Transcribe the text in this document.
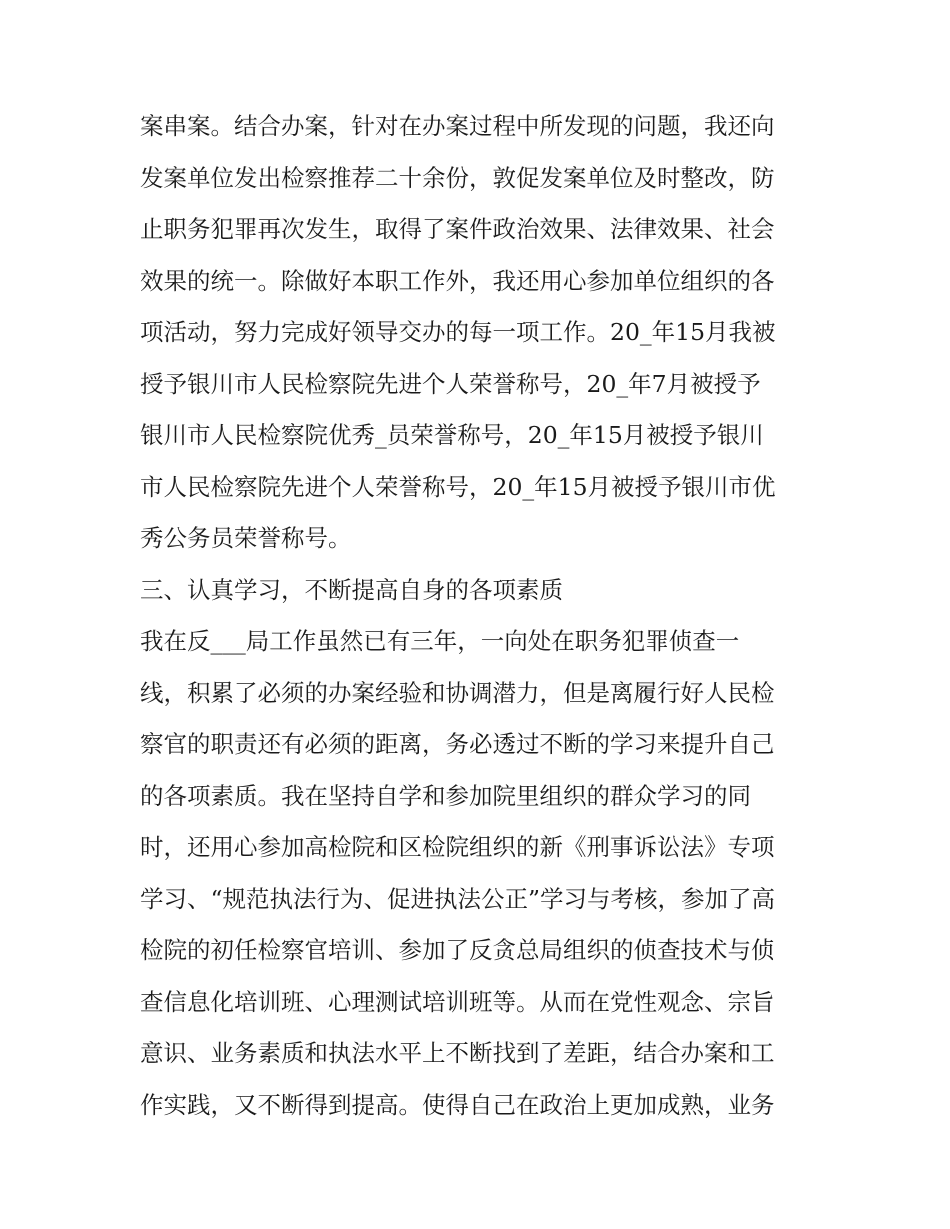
案串案。结合办案，针对在办案过程中所发现的问题，我还向
发案单位发出检察推荐二十余份，敦促发案单位及时整改，防
止职务犯罪再次发生，取得了案件政治效果、法律效果、社会
效果的统一。除做好本职工作外，我还用心参加单位组织的各
项活动，努力完成好领导交办的每一项工作。20_年15月我被
授予银川市人民检察院先进个人荣誉称号，20_年7月被授予
银川市人民检察院优秀_员荣誉称号，20_年15月被授予银川
市人民检察院先进个人荣誉称号，20_年15月被授予银川市优
秀公务员荣誉称号。
三、认真学习，不断提高自身的各项素质
我在反___局工作虽然已有三年，一向处在职务犯罪侦查一
线，积累了必须的办案经验和协调潜力，但是离履行好人民检
察官的职责还有必须的距离，务必透过不断的学习来提升自己
的各项素质。我在坚持自学和参加院里组织的群众学习的同
时，还用心参加高检院和区检院组织的新《刑事诉讼法》专项
学习、“规范执法行为、促进执法公正”学习与考核，参加了高
检院的初任检察官培训、参加了反贪总局组织的侦查技术与侦
查信息化培训班、心理测试培训班等。从而在党性观念、宗旨
意识、业务素质和执法水平上不断找到了差距，结合办案和工
作实践，又不断得到提高。使得自己在政治上更加成熟，业务
